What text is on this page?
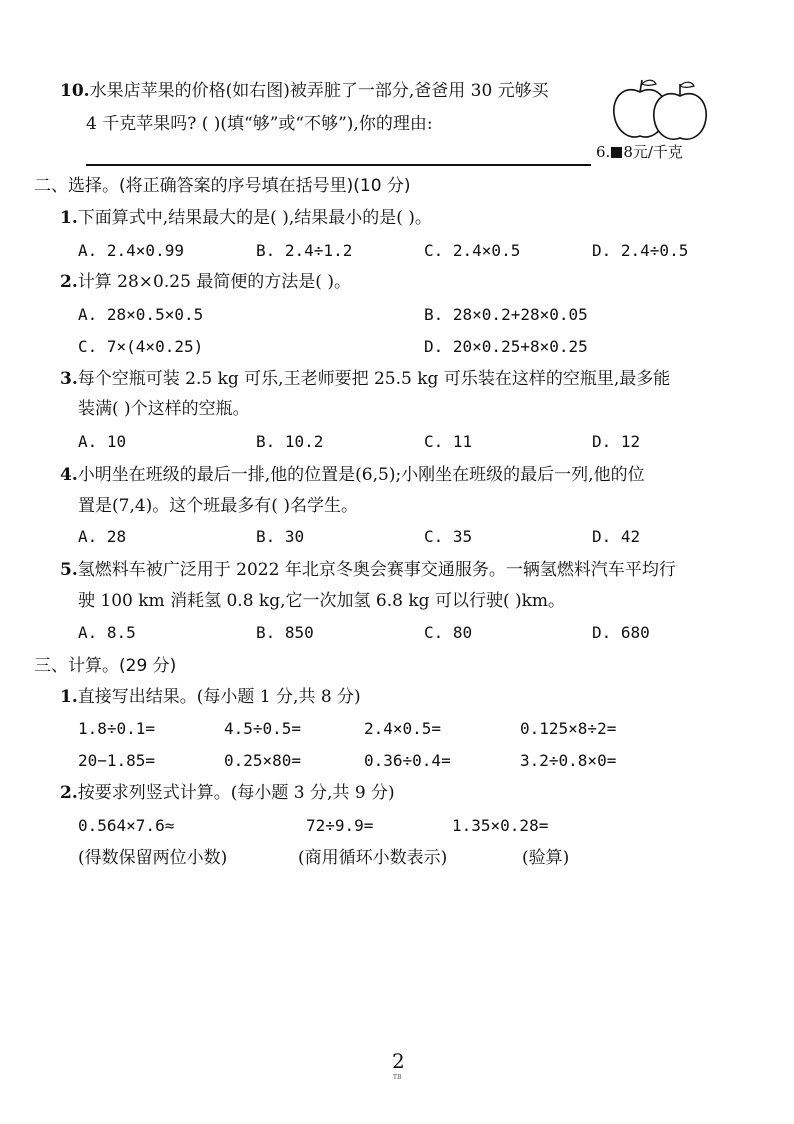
10.水果店苹果的价格(如右图)被弄脏了一部分,爸爸用 30 元够买
4 千克苹果吗? ( )(填“够”或“不够”),你的理由:
6. 8元/千克
二、选择。(将正确答案的序号填在括号里)(10 分)
1.下面算式中,结果最大的是( ),结果最小的是( )。
A. 2.4×0.99	B. 2.4÷1.2	C. 2.4×0.5	D. 2.4÷0.5
2.计算 28×0.25 最简便的方法是( )。
A. 28×0.5×0.5	B. 28×0.2+28×0.05
C. 7×(4×0.25)	D. 20×0.25+8×0.25
3.每个空瓶可装 2.5 kg 可乐,王老师要把 25.5 kg 可乐装在这样的空瓶里,最多能
装满( )个这样的空瓶。
A. 10	B. 10.2	C. 11	D. 12
4.小明坐在班级的最后一排,他的位置是(6,5);小刚坐在班级的最后一列,他的位
置是(7,4)。这个班最多有( )名学生。
A. 28	B. 30	C. 35	D. 42
5.氢燃料车被广泛用于 2022 年北京冬奥会赛事交通服务。一辆氢燃料汽车平均行
驶 100 km 消耗氢 0.8 kg,它一次加氢 6.8 kg 可以行驶( )km。
A. 8.5	B. 850	C. 80	D. 680
三、计算。(29 分)
1.直接写出结果。(每小题 1 分,共 8 分)
1.8÷0.1=	4.5÷0.5=	2.4×0.5=	0.125×8÷2=
20−1.85=	0.25×80=	0.36÷0.4=	3.2÷0.8×0=
2.按要求列竖式计算。(每小题 3 分,共 9 分)
0.564×7.6≈	72÷9.9=	1.35×0.28=
(得数保留两位小数)	(商用循环小数表示)	(验算)
2
TB
